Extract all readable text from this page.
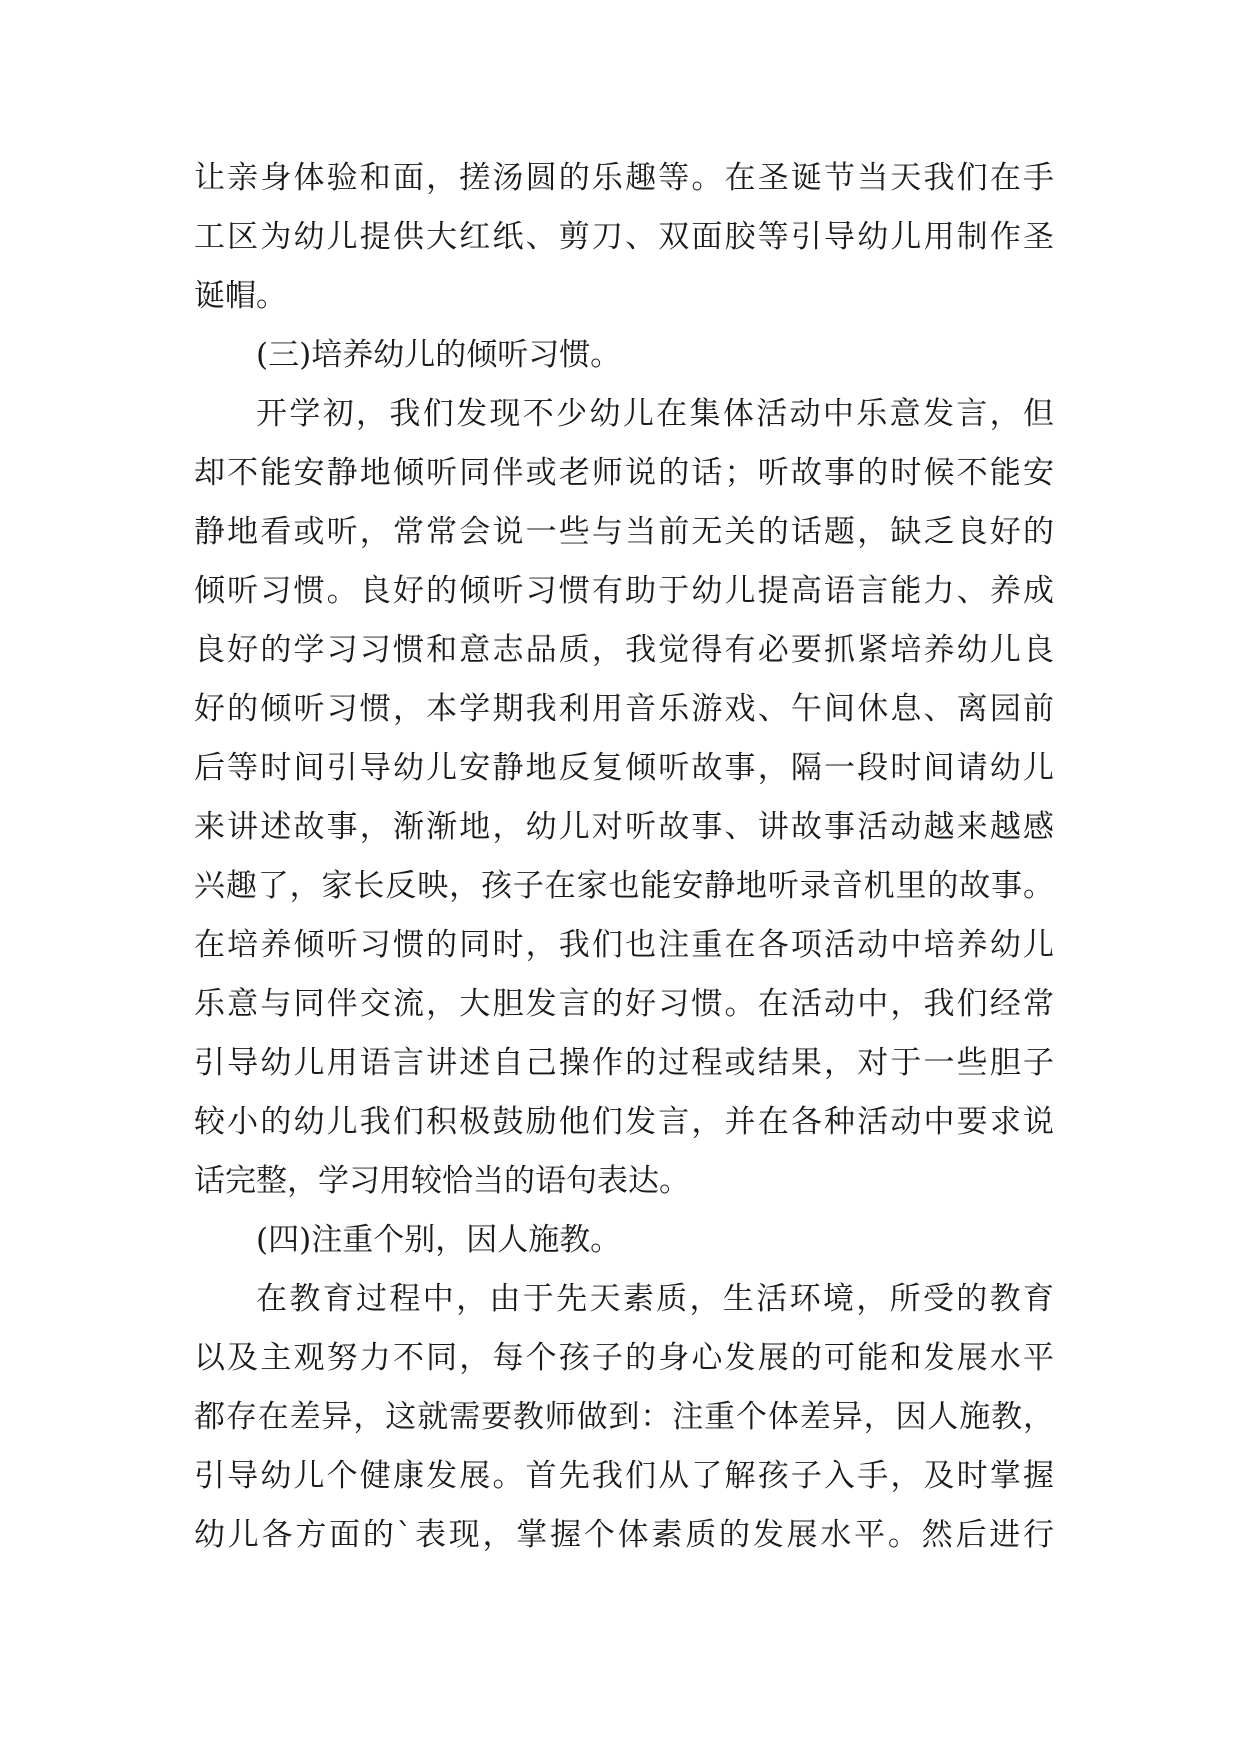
让亲身体验和面，搓汤圆的乐趣等。在圣诞节当天我们在手
工区为幼儿提供大红纸、剪刀、双面胶等引导幼儿用制作圣
诞帽。
(三)培养幼儿的倾听习惯。
开学初，我们发现不少幼儿在集体活动中乐意发言，但
却不能安静地倾听同伴或老师说的话；听故事的时候不能安
静地看或听，常常会说一些与当前无关的话题，缺乏良好的
倾听习惯。良好的倾听习惯有助于幼儿提高语言能力、养成
良好的学习习惯和意志品质，我觉得有必要抓紧培养幼儿良
好的倾听习惯，本学期我利用音乐游戏、午间休息、离园前
后等时间引导幼儿安静地反复倾听故事，隔一段时间请幼儿
来讲述故事，渐渐地，幼儿对听故事、讲故事活动越来越感
兴趣了，家长反映，孩子在家也能安静地听录音机里的故事。
在培养倾听习惯的同时，我们也注重在各项活动中培养幼儿
乐意与同伴交流，大胆发言的好习惯。在活动中，我们经常
引导幼儿用语言讲述自己操作的过程或结果，对于一些胆子
较小的幼儿我们积极鼓励他们发言，并在各种活动中要求说
话完整，学习用较恰当的语句表达。
(四)注重个别，因人施教。
在教育过程中，由于先天素质，生活环境，所受的教育
以及主观努力不同，每个孩子的身心发展的可能和发展水平
都存在差异，这就需要教师做到：注重个体差异，因人施教，
引导幼儿个健康发展。首先我们从了解孩子入手，及时掌握
幼儿各方面的`表现，掌握个体素质的发展水平。然后进行
